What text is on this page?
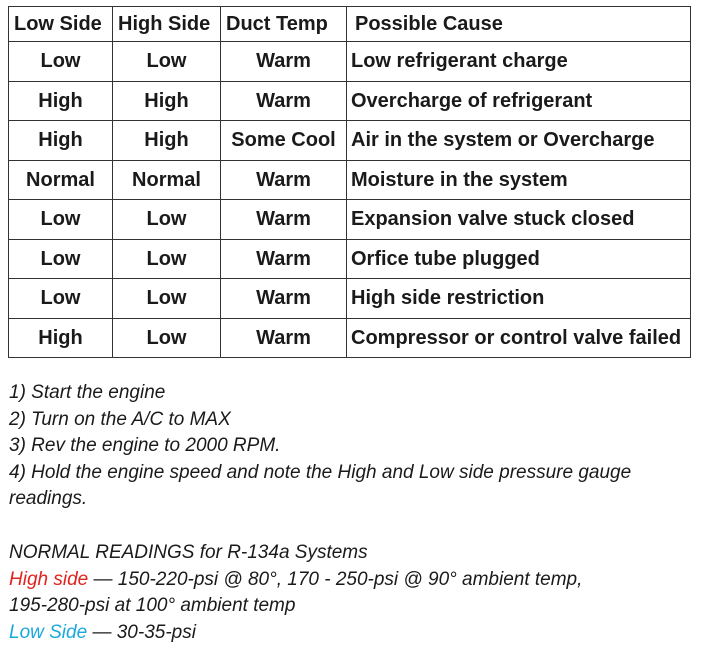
Low Side	High Side	Duct Temp	Possible Cause
Low	Low	Warm	Low refrigerant charge
High	High	Warm	Overcharge of refrigerant
High	High	Some Cool	Air in the system or Overcharge
Normal	Normal	Warm	Moisture in the system
Low	Low	Warm	Expansion valve stuck closed
Low	Low	Warm	Orfice tube plugged
Low	Low	Warm	High side restriction
High	Low	Warm	Compressor or control valve failed

1) Start the engine

2) Turn on the A/C to MAX

3) Rev the engine to 2000 RPM.

4) Hold the engine speed and note the High and Low side pressure gauge

readings.

NORMAL READINGS for R-134a Systems

High side — 150-220-psi @ 80°, 170 - 250-psi @ 90° ambient temp,

195-280-psi at 100° ambient temp

Low Side — 30-35-psi
